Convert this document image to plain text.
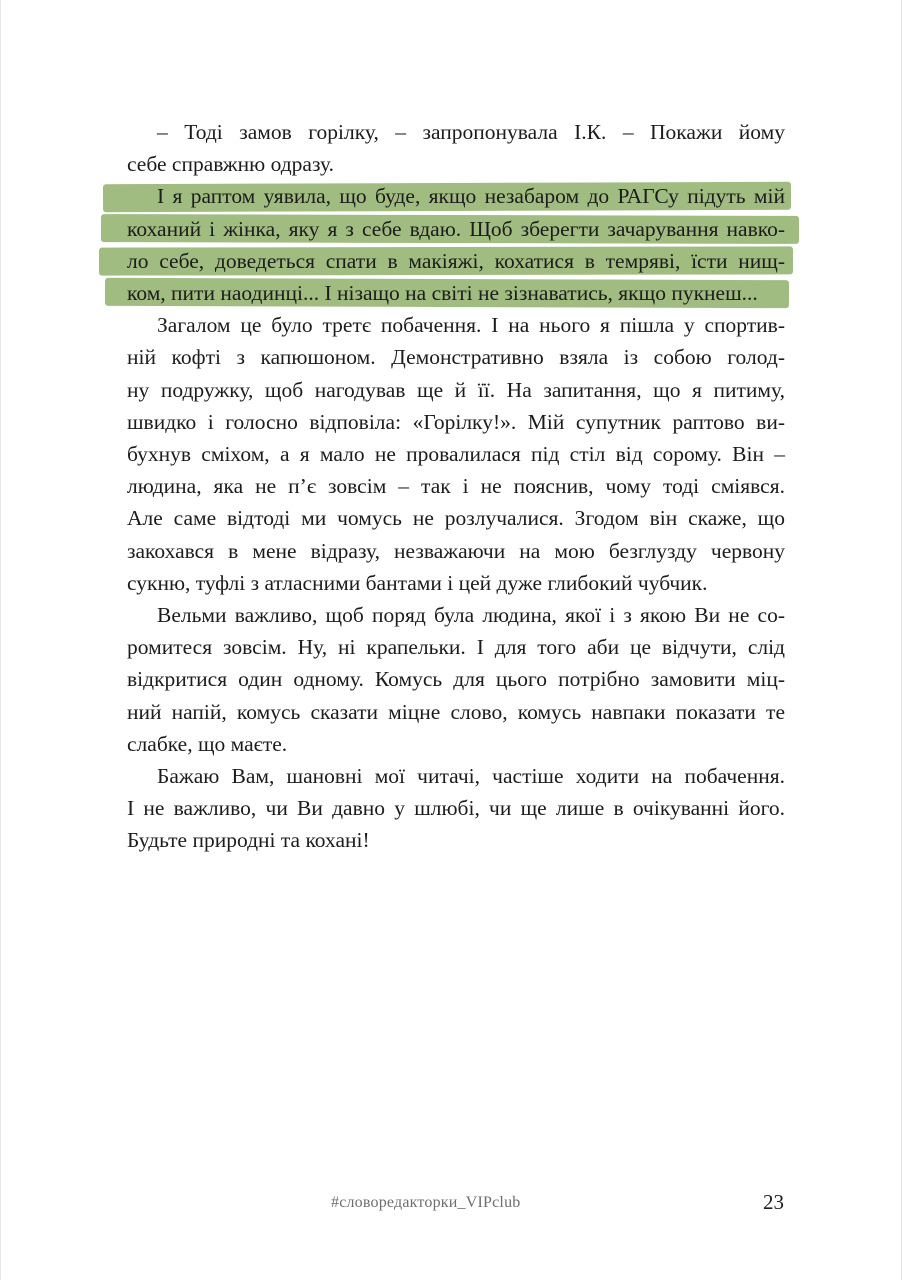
– Тоді замов горілку, – запропонувала І.К. – Покажи йому
себе справжню одразу.
І я раптом уявила, що буде, якщо незабаром до РАГСу підуть мій
коханий і жінка, яку я з себе вдаю. Щоб зберегти зачарування навко-
ло себе, доведеться спати в макіяжі, кохатися в темряві, їсти нищ-
ком, пити наодинці... І нізащо на світі не зізнаватись, якщо пукнеш...
Загалом це було третє побачення. І на нього я пішла у спортив-
ній кофті з капюшоном. Демонстративно взяла із собою голод-
ну подружку, щоб нагодував ще й її. На запитання, що я питиму,
швидко і голосно відповіла: «Горілку!». Мій супутник раптово ви-
бухнув сміхом, а я мало не провалилася під стіл від сорому. Він –
людина, яка не п’є зовсім – так і не пояснив, чому тоді сміявся.
Але саме відтоді ми чомусь не розлучалися. Згодом він скаже, що
закохався в мене відразу, незважаючи на мою безглузду червону
сукню, туфлі з атласними бантами і цей дуже глибокий чубчик.
Вельми важливо, щоб поряд була людина, якої і з якою Ви не со-
ромитеся зовсім. Ну, ні крапельки. І для того аби це відчути, слід
відкритися один одному. Комусь для цього потрібно замовити міц-
ний напій, комусь сказати міцне слово, комусь навпаки показати те
слабке, що маєте.
Бажаю Вам, шановні мої читачі, частіше ходити на побачення.
І не важливо, чи Ви давно у шлюбі, чи ще лише в очікуванні його.
Будьте природні та кохані!
#словоредакторки_VIPclub	23
